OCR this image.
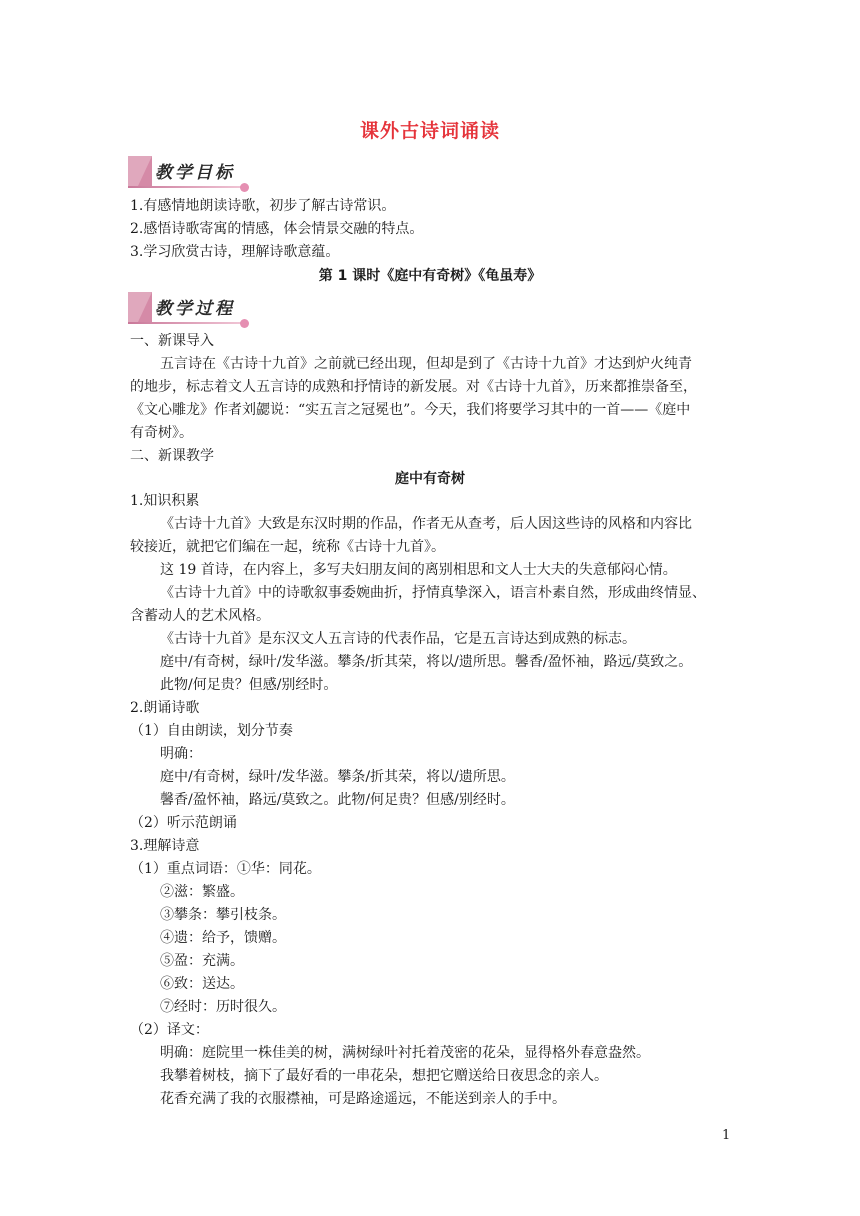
课外古诗词诵读
教学目标
1.有感情地朗读诗歌，初步了解古诗常识。
2.感悟诗歌寄寓的情感，体会情景交融的特点。
3.学习欣赏古诗，理解诗歌意蕴。
第 1 课时《庭中有奇树》《龟虽寿》
教学过程
一、新课导入
五言诗在《古诗十九首》之前就已经出现，但却是到了《古诗十九首》才达到炉火纯青
的地步，标志着文人五言诗的成熟和抒情诗的新发展。对《古诗十九首》，历来都推崇备至，
《文心雕龙》作者刘勰说：“实五言之冠冕也”。今天，我们将要学习其中的一首——《庭中
有奇树》。
二、新课教学
庭中有奇树
1.知识积累
《古诗十九首》大致是东汉时期的作品，作者无从查考，后人因这些诗的风格和内容比
较接近，就把它们编在一起，统称《古诗十九首》。
这 19 首诗，在内容上，多写夫妇朋友间的离别相思和文人士大夫的失意郁闷心情。
《古诗十九首》中的诗歌叙事委婉曲折，抒情真挚深入，语言朴素自然，形成曲终情显、
含蓄动人的艺术风格。
《古诗十九首》是东汉文人五言诗的代表作品，它是五言诗达到成熟的标志。
庭中/有奇树，绿叶/发华滋。攀条/折其荣，将以/遗所思。馨香/盈怀袖，路远/莫致之。
此物/何足贵？但感/别经时。
2.朗诵诗歌
（1）自由朗读，划分节奏
明确：
庭中/有奇树，绿叶/发华滋。攀条/折其荣，将以/遗所思。
馨香/盈怀袖，路远/莫致之。此物/何足贵？但感/别经时。
（2）听示范朗诵
3.理解诗意
（1）重点词语：①华：同花。
②滋：繁盛。
③攀条：攀引枝条。
④遗：给予，馈赠。
⑤盈：充满。
⑥致：送达。
⑦经时：历时很久。
（2）译文：
明确：庭院里一株佳美的树，满树绿叶衬托着茂密的花朵，显得格外春意盎然。
我攀着树枝，摘下了最好看的一串花朵，想把它赠送给日夜思念的亲人。
花香充满了我的衣服襟袖，可是路途遥远，不能送到亲人的手中。
1
